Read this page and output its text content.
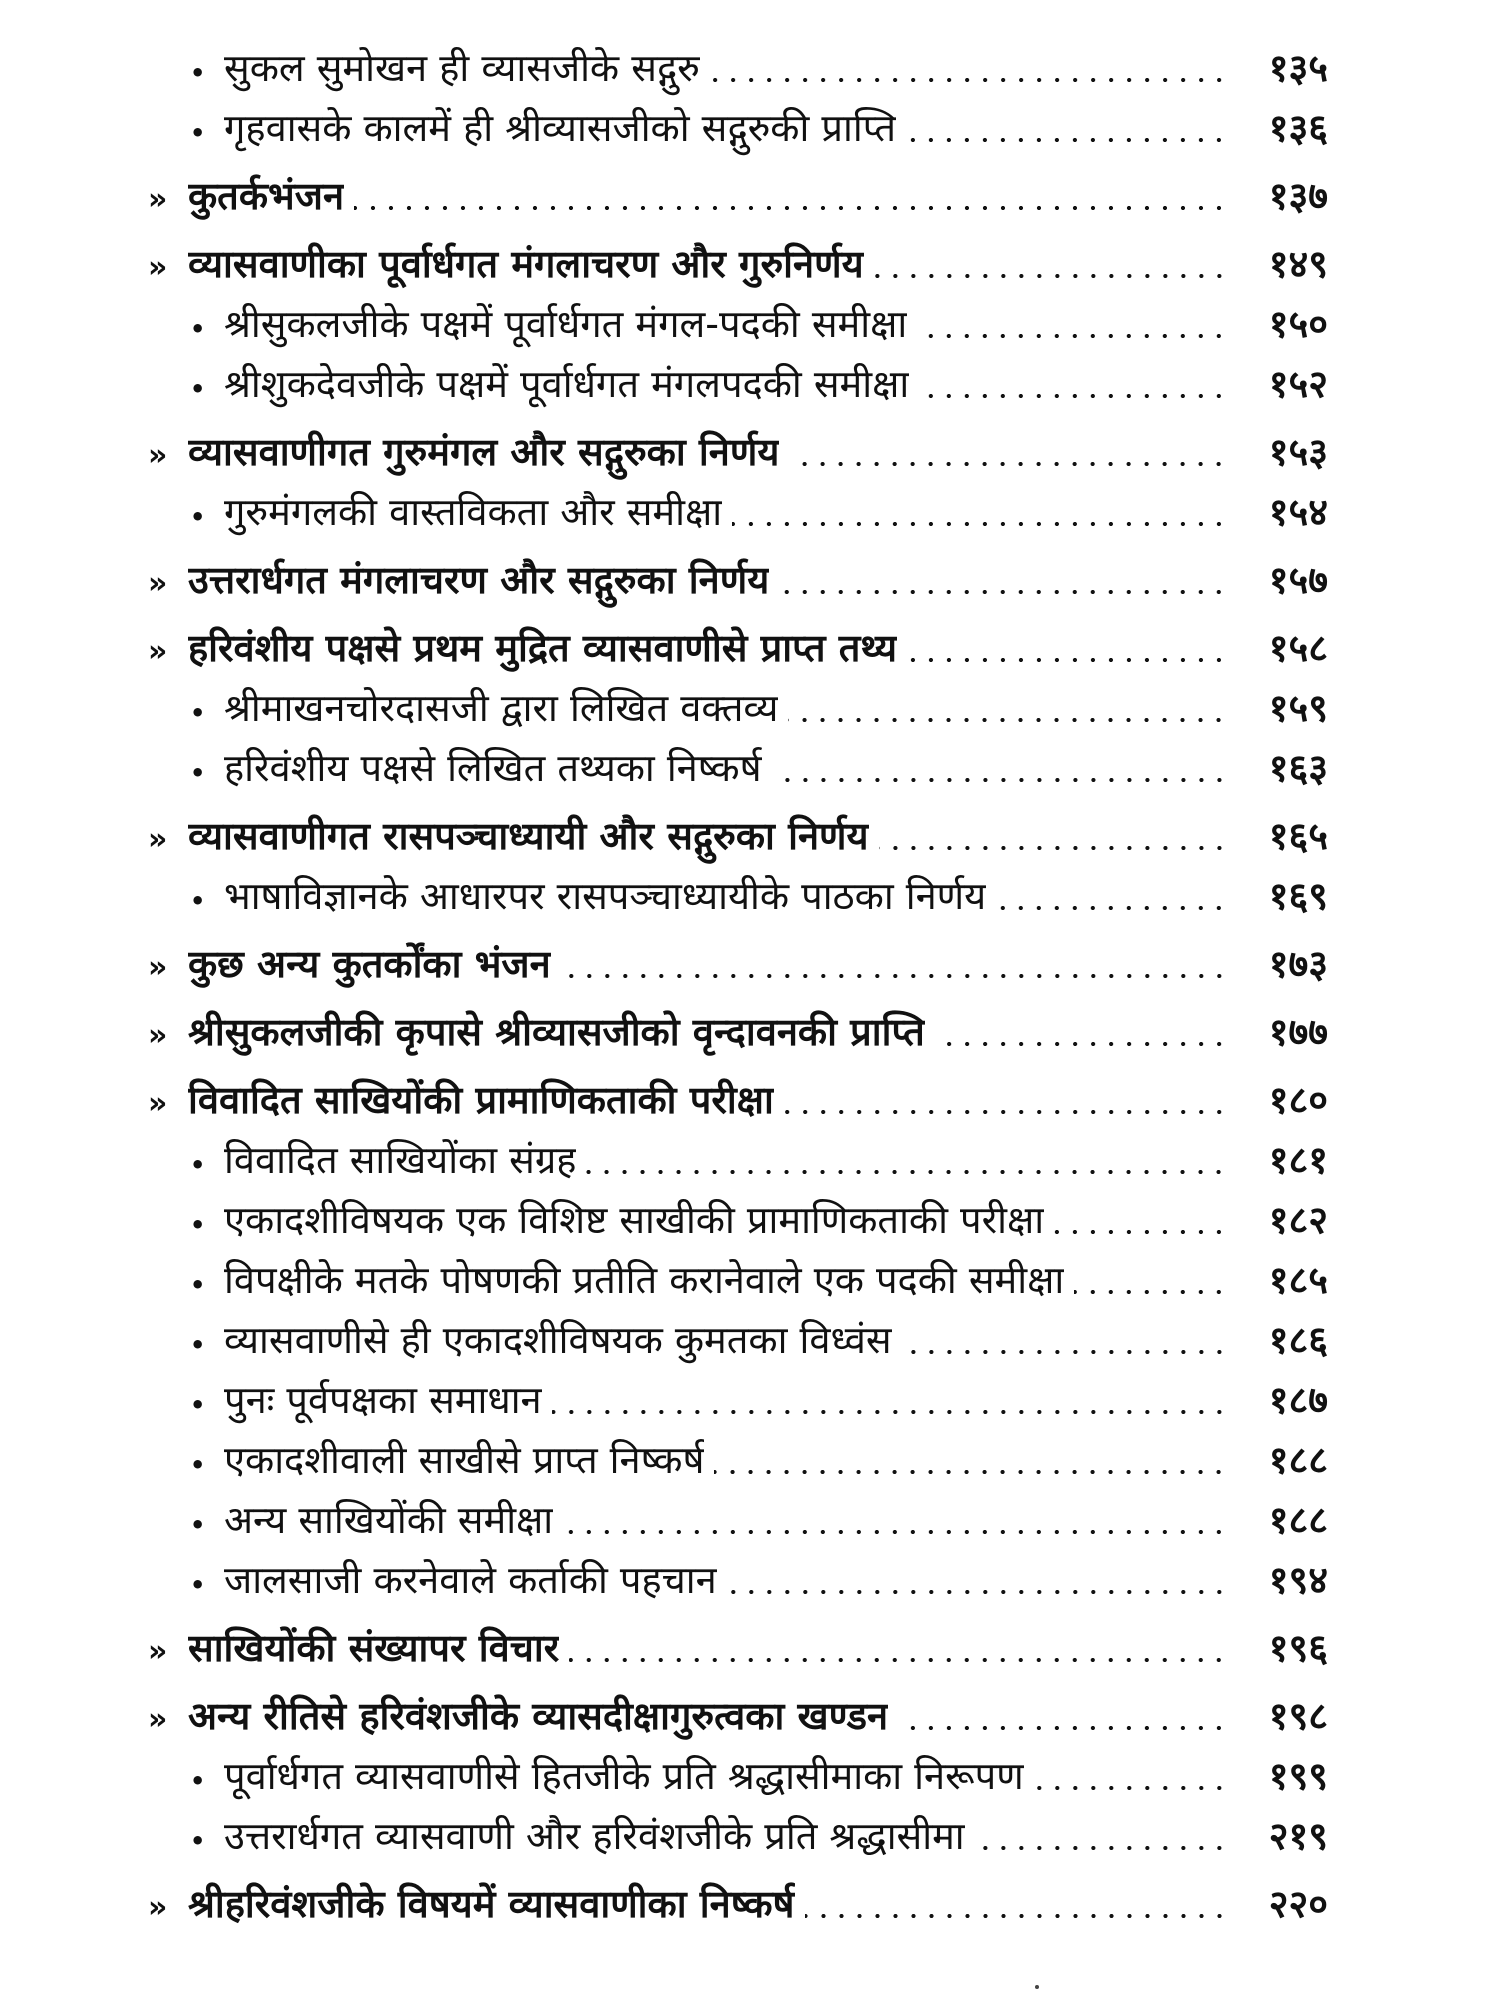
• सुकल सुमोखन ही व्यासजीके सद्गुरु	१३५
• गृहवासके कालमें ही श्रीव्यासजीको सद्गुरुकी प्राप्ति	१३६
» कुतर्कभंजन	१३७
» व्यासवाणीका पूर्वार्धगत मंगलाचरण और गुरुनिर्णय	१४९
• श्रीसुकलजीके पक्षमें पूर्वार्धगत मंगल-पदकी समीक्षा	१५०
• श्रीशुकदेवजीके पक्षमें पूर्वार्धगत मंगलपदकी समीक्षा	१५२
» व्यासवाणीगत गुरुमंगल और सद्गुरुका निर्णय	१५३
• गुरुमंगलकी वास्तविकता और समीक्षा	१५४
» उत्तरार्धगत मंगलाचरण और सद्गुरुका निर्णय	१५७
» हरिवंशीय पक्षसे प्रथम मुद्रित व्यासवाणीसे प्राप्त तथ्य	१५८
• श्रीमाखनचोरदासजी द्वारा लिखित वक्तव्य	१५९
• हरिवंशीय पक्षसे लिखित तथ्यका निष्कर्ष	१६३
» व्यासवाणीगत रासपञ्चाध्यायी और सद्गुरुका निर्णय	१६५
• भाषाविज्ञानके आधारपर रासपञ्चाध्यायीके पाठका निर्णय	१६९
» कुछ अन्य कुतर्कोंका भंजन	१७३
» श्रीसुकलजीकी कृपासे श्रीव्यासजीको वृन्दावनकी प्राप्ति	१७७
» विवादित साखियोंकी प्रामाणिकताकी परीक्षा	१८०
• विवादित साखियोंका संग्रह	१८१
• एकादशीविषयक एक विशिष्ट साखीकी प्रामाणिकताकी परीक्षा	१८२
• विपक्षीके मतके पोषणकी प्रतीति करानेवाले एक पदकी समीक्षा	१८५
• व्यासवाणीसे ही एकादशीविषयक कुमतका विध्वंस	१८६
• पुनः पूर्वपक्षका समाधान	१८७
• एकादशीवाली साखीसे प्राप्त निष्कर्ष	१८८
• अन्य साखियोंकी समीक्षा	१८८
• जालसाजी करनेवाले कर्ताकी पहचान	१९४
» साखियोंकी संख्यापर विचार	१९६
» अन्य रीतिसे हरिवंशजीके व्यासदीक्षागुरुत्वका खण्डन	१९८
• पूर्वार्धगत व्यासवाणीसे हितजीके प्रति श्रद्धासीमाका निरूपण	१९९
• उत्तरार्धगत व्यासवाणी और हरिवंशजीके प्रति श्रद्धासीमा	२१९
» श्रीहरिवंशजीके विषयमें व्यासवाणीका निष्कर्ष	२२०
